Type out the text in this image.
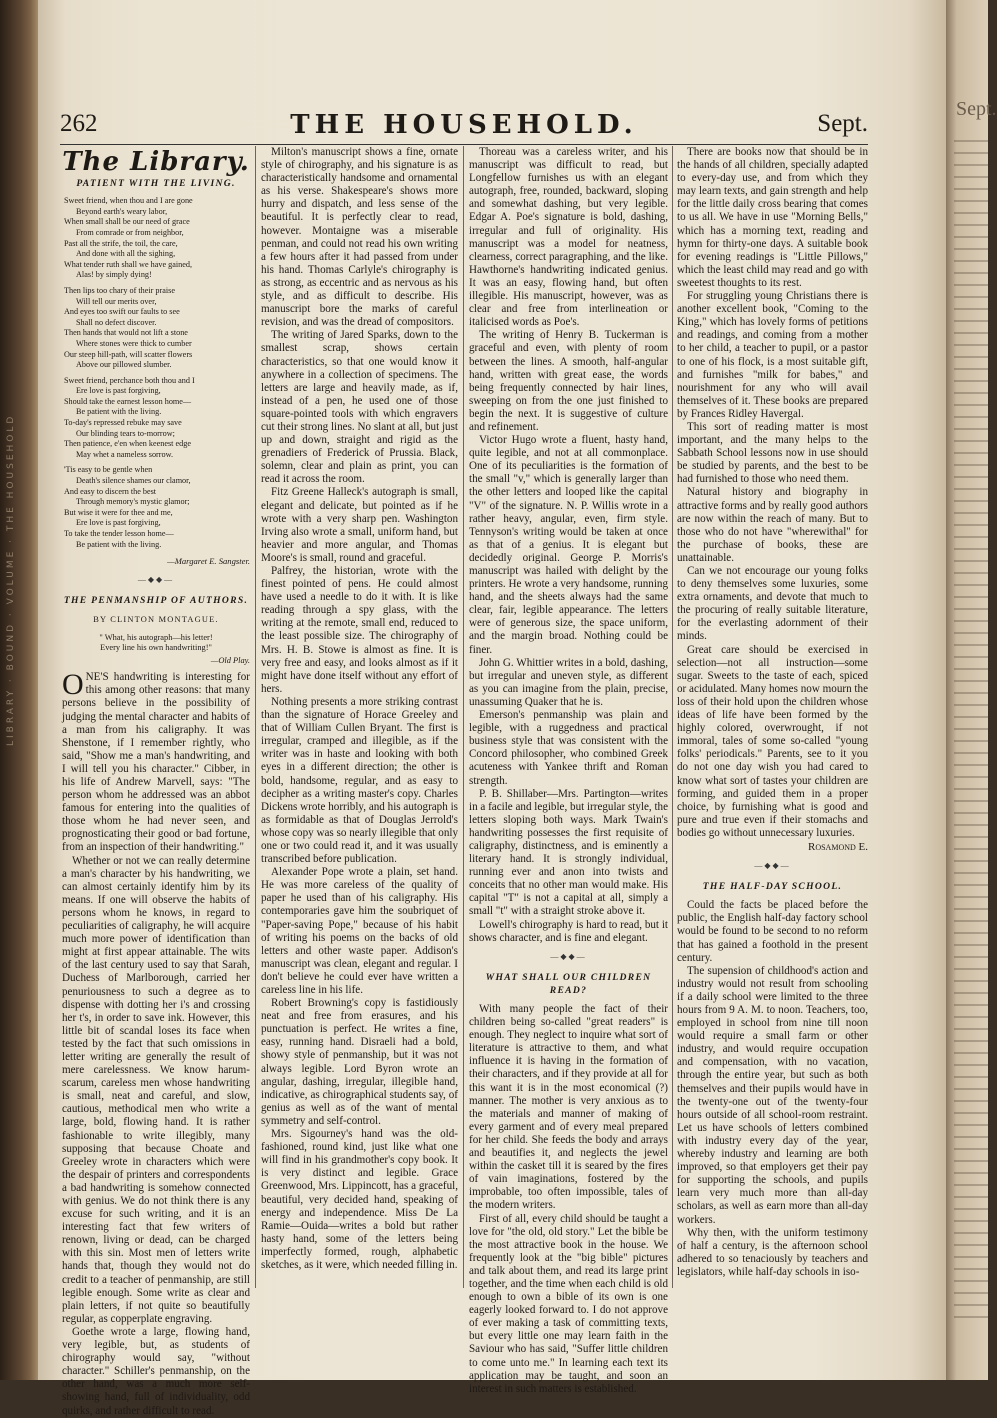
LIBRARY · BOUND · VOLUME · THE HOUSEHOLD
Sept.
262	THE HOUSEHOLD.	Sept.
The Library.
PATIENT WITH THE LIVING.
Sweet friend, when thou and I are gone
Beyond earth's weary labor,
When small shall be our need of grace
From comrade or from neighbor,
Past all the strife, the toil, the care,
And done with all the sighing,
What tender ruth shall we have gained,
Alas! by simply dying!
Then lips too chary of their praise
Will tell our merits over,
And eyes too swift our faults to see
Shall no defect discover.
Then hands that would not lift a stone
Where stones were thick to cumber
Our steep hill-path, will scatter flowers
Above our pillowed slumber.
Sweet friend, perchance both thou and I
Ere love is past forgiving,
Should take the earnest lesson home—
Be patient with the living.
To-day's repressed rebuke may save
Our blinding tears to-morrow;
Then patience, e'en when keenest edge
May whet a nameless sorrow.
'Tis easy to be gentle when
Death's silence shames our clamor,
And easy to discern the best
Through memory's mystic glamor;
But wise it were for thee and me,
Ere love is past forgiving,
To take the tender lesson home—
Be patient with the living.
—Margaret E. Sangster.
—◆◆—
THE PENMANSHIP OF AUTHORS.
BY CLINTON MONTAGUE.
" What, his autograph—his letter!
Every line his own handwriting!"
—Old Play.

ONE'S handwriting is interesting for this among other reasons: that many persons believe in the possibility of judging the mental character and habits of a man from his caligraphy. It was Shenstone, if I remember rightly, who said, "Show me a man's handwriting, and I will tell you his character." Cibber, in his life of Andrew Marvell, says: "The person whom he addressed was an abbot famous for entering into the qualities of those whom he had never seen, and prognosticating their good or bad fortune, from an inspection of their handwriting."

Whether or not we can really determine a man's character by his handwriting, we can almost certainly identify him by its means. If one will observe the habits of persons whom he knows, in regard to peculiarities of caligraphy, he will acquire much more power of identification than might at first appear attainable. The wits of the last century used to say that Sarah, Duchess of Marlborough, carried her penuriousness to such a degree as to dispense with dotting her i's and crossing her t's, in order to save ink. However, this little bit of scandal loses its face when tested by the fact that such omissions in letter writing are generally the result of mere carelessness. We know harum-scarum, careless men whose handwriting is small, neat and careful, and slow, cautious, methodical men who write a large, bold, flowing hand. It is rather fashionable to write illegibly, many supposing that because Choate and Greeley wrote in characters which were the despair of printers and correspondents a bad handwriting is somehow connected with genius. We do not think there is any excuse for such writing, and it is an interesting fact that few writers of renown, living or dead, can be charged with this sin. Most men of letters write hands that, though they would not do credit to a teacher of penmanship, are still legible enough. Some write as clear and plain letters, if not quite so beautifully regular, as copperplate engraving.

Goethe wrote a large, flowing hand, very legible, but, as students of chirography would say, "without character." Schiller's penmanship, on the other hand, was a much more self-showing hand, full of individuality, odd quirks, and rather difficult to read.

Milton's manuscript shows a fine, ornate style of chirography, and his signature is as characteristically handsome and ornamental as his verse. Shakespeare's shows more hurry and dispatch, and less sense of the beautiful. It is perfectly clear to read, however. Montaigne was a miserable penman, and could not read his own writing a few hours after it had passed from under his hand. Thomas Carlyle's chirography is as strong, as eccentric and as nervous as his style, and as difficult to describe. His manuscript bore the marks of careful revision, and was the dread of compositors.

The writing of Jared Sparks, down to the smallest scrap, shows certain characteristics, so that one would know it anywhere in a collection of specimens. The letters are large and heavily made, as if, instead of a pen, he used one of those square-pointed tools with which engravers cut their strong lines. No slant at all, but just up and down, straight and rigid as the grenadiers of Frederick of Prussia. Black, solemn, clear and plain as print, you can read it across the room.

Fitz Greene Halleck's autograph is small, elegant and delicate, but pointed as if he wrote with a very sharp pen. Washington Irving also wrote a small, uniform hand, but heavier and more angular, and Thomas Moore's is small, round and graceful.

Palfrey, the historian, wrote with the finest pointed of pens. He could almost have used a needle to do it with. It is like reading through a spy glass, with the writing at the remote, small end, reduced to the least possible size. The chirography of Mrs. H. B. Stowe is almost as fine. It is very free and easy, and looks almost as if it might have done itself without any effort of hers.

Nothing presents a more striking contrast than the signature of Horace Greeley and that of William Cullen Bryant. The first is irregular, cramped and illegible, as if the writer was in haste and looking with both eyes in a different direction; the other is bold, handsome, regular, and as easy to decipher as a writing master's copy. Charles Dickens wrote horribly, and his autograph is as formidable as that of Douglas Jerrold's whose copy was so nearly illegible that only one or two could read it, and it was usually transcribed before publication.

Alexander Pope wrote a plain, set hand. He was more careless of the quality of paper he used than of his caligraphy. His contemporaries gave him the soubriquet of "Paper-saving Pope," because of his habit of writing his poems on the backs of old letters and other waste paper. Addison's manuscript was clean, elegant and regular. I don't believe he could ever have written a careless line in his life.

Robert Browning's copy is fastidiously neat and free from erasures, and his punctuation is perfect. He writes a fine, easy, running hand. Disraeli had a bold, showy style of penmanship, but it was not always legible. Lord Byron wrote an angular, dashing, irregular, illegible hand, indicative, as chirographical students say, of genius as well as of the want of mental symmetry and self-control.

Mrs. Sigourney's hand was the old-fashioned, round kind, just like what one will find in his grandmother's copy book. It is very distinct and legible. Grace Greenwood, Mrs. Lippincott, has a graceful, beautiful, very decided hand, speaking of energy and independence. Miss De La Ramie—Ouida—writes a bold but rather hasty hand, some of the letters being imperfectly formed, rough, alphabetic sketches, as it were, which needed filling in.

Thoreau was a careless writer, and his manuscript was difficult to read, but Longfellow furnishes us with an elegant autograph, free, rounded, backward, sloping and somewhat dashing, but very legible. Edgar A. Poe's signature is bold, dashing, irregular and full of originality. His manuscript was a model for neatness, clearness, correct paragraphing, and the like. Hawthorne's handwriting indicated genius. It was an easy, flowing hand, but often illegible. His manuscript, however, was as clear and free from interlineation or italicised words as Poe's.

The writing of Henry B. Tuckerman is graceful and even, with plenty of room between the lines. A smooth, half-angular hand, written with great ease, the words being frequently connected by hair lines, sweeping on from the one just finished to begin the next. It is suggestive of culture and refinement.

Victor Hugo wrote a fluent, hasty hand, quite legible, and not at all commonplace. One of its peculiarities is the formation of the small "v," which is generally larger than the other letters and looped like the capital "V" of the signature. N. P. Willis wrote in a rather heavy, angular, even, firm style. Tennyson's writing would be taken at once as that of a genius. It is elegant but decidedly original. George P. Morris's manuscript was hailed with delight by the printers. He wrote a very handsome, running hand, and the sheets always had the same clear, fair, legible appearance. The letters were of generous size, the space uniform, and the margin broad. Nothing could be finer.

John G. Whittier writes in a bold, dashing, but irregular and uneven style, as different as you can imagine from the plain, precise, unassuming Quaker that he is.

Emerson's penmanship was plain and legible, with a ruggedness and practical business style that was consistent with the Concord philosopher, who combined Greek acuteness with Yankee thrift and Roman strength.

P. B. Shillaber—Mrs. Partington—writes in a facile and legible, but irregular style, the letters sloping both ways. Mark Twain's handwriting possesses the first requisite of caligraphy, distinctness, and is eminently a literary hand. It is strongly individual, running ever and anon into twists and conceits that no other man would make. His capital "T" is not a capital at all, simply a small "t" with a straight stroke above it.

Lowell's chirography is hard to read, but it shows character, and is fine and elegant.

—◆◆—
WHAT SHALL OUR CHILDREN READ?

With many people the fact of their children being so-called "great readers" is enough. They neglect to inquire what sort of literature is attractive to them, and what influence it is having in the formation of their characters, and if they provide at all for this want it is in the most economical (?) manner. The mother is very anxious as to the materials and manner of making of every garment and of every meal prepared for her child. She feeds the body and arrays and beautifies it, and neglects the jewel within the casket till it is seared by the fires of vain imaginations, fostered by the improbable, too often impossible, tales of the modern writers.

First of all, every child should be taught a love for "the old, old story." Let the bible be the most attractive book in the house. We frequently look at the "big bible" pictures and talk about them, and read its large print together, and the time when each child is old enough to own a bible of its own is one eagerly looked forward to. I do not approve of ever making a task of committing texts, but every little one may learn faith in the Saviour who has said, "Suffer little children to come unto me." In learning each text its application may be taught, and soon an interest in such matters is established.

There are books now that should be in the hands of all children, specially adapted to every-day use, and from which they may learn texts, and gain strength and help for the little daily cross bearing that comes to us all. We have in use "Morning Bells," which has a morning text, reading and hymn for thirty-one days. A suitable book for evening readings is "Little Pillows," which the least child may read and go with sweetest thoughts to its rest.

For struggling young Christians there is another excellent book, "Coming to the King," which has lovely forms of petitions and readings, and coming from a mother to her child, a teacher to pupil, or a pastor to one of his flock, is a most suitable gift, and furnishes "milk for babes," and nourishment for any who will avail themselves of it. These books are prepared by Frances Ridley Havergal.

This sort of reading matter is most important, and the many helps to the Sabbath School lessons now in use should be studied by parents, and the best to be had furnished to those who need them.

Natural history and biography in attractive forms and by really good authors are now within the reach of many. But to those who do not have "wherewithal" for the purchase of books, these are unattainable.

Can we not encourage our young folks to deny themselves some luxuries, some extra ornaments, and devote that much to the procuring of really suitable literature, for the everlasting adornment of their minds.

Great care should be exercised in selection—not all instruction—some sugar. Sweets to the taste of each, spiced or acidulated. Many homes now mourn the loss of their hold upon the children whose ideas of life have been formed by the highly colored, overwrought, if not immoral, tales of some so-called "young folks' periodicals." Parents, see to it you do not one day wish you had cared to know what sort of tastes your children are forming, and guided them in a proper choice, by furnishing what is good and pure and true even if their stomachs and bodies go without unnecessary luxuries.

Rosamond E.
—◆◆—
THE HALF-DAY SCHOOL.

Could the facts be placed before the public, the English half-day factory school would be found to be second to no reform that has gained a foothold in the present century.

The supension of childhood's action and industry would not result from schooling if a daily school were limited to the three hours from 9 A. M. to noon. Teachers, too, employed in school from nine till noon would require a small farm or other industry, and would require occupation and compensation, with no vacation, through the entire year, but such as both themselves and their pupils would have in the twenty-one out of the twenty-four hours outside of all school-room restraint. Let us have schools of letters combined with industry every day of the year, whereby industry and learning are both improved, so that employers get their pay for supporting the schools, and pupils learn very much more than all-day scholars, as well as earn more than all-day workers.

Why then, with the uniform testimony of half a century, is the afternoon school adhered to so tenaciously by teachers and legislators, while half-day schools in iso-
